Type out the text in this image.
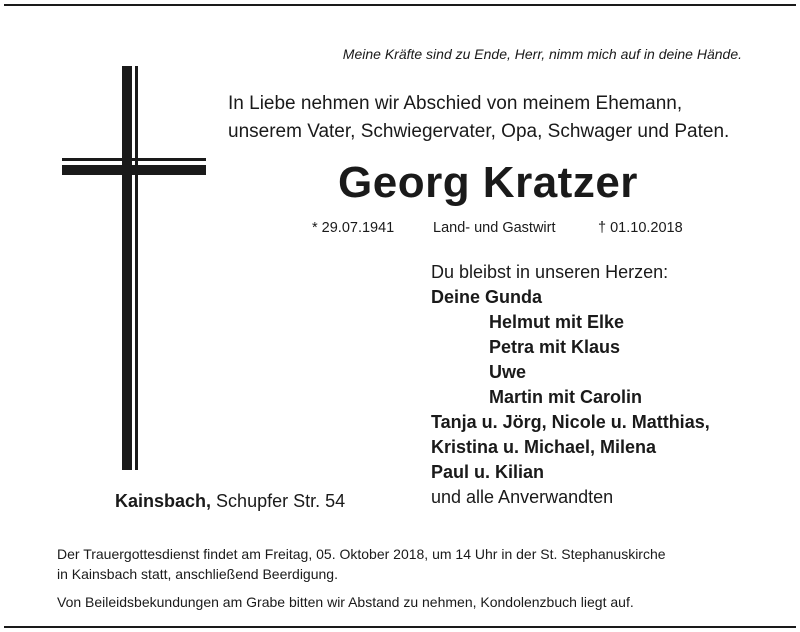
Meine Kräfte sind zu Ende, Herr, nimm mich auf in deine Hände.
In Liebe nehmen wir Abschied von meinem Ehemann,
unserem Vater, Schwiegervater, Opa, Schwager und Paten.
Georg Kratzer
* 29.07.1941	Land- und Gastwirt	† 01.10.2018
Du bleibst in unseren Herzen:
Deine Gunda
Helmut mit Elke
Petra mit Klaus
Uwe
Martin mit Carolin
Tanja u. Jörg, Nicole u. Matthias,
Kristina u. Michael, Milena
Paul u. Kilian
und alle Anverwandten
Kainsbach, Schupfer Str. 54

Der Trauergottesdienst findet am Freitag, 05. Oktober 2018, um 14 Uhr in der St. Stephanuskirche

in Kainsbach statt, anschließend Beerdigung.

Von Beileidsbekundungen am Grabe bitten wir Abstand zu nehmen, Kondolenzbuch liegt auf.
